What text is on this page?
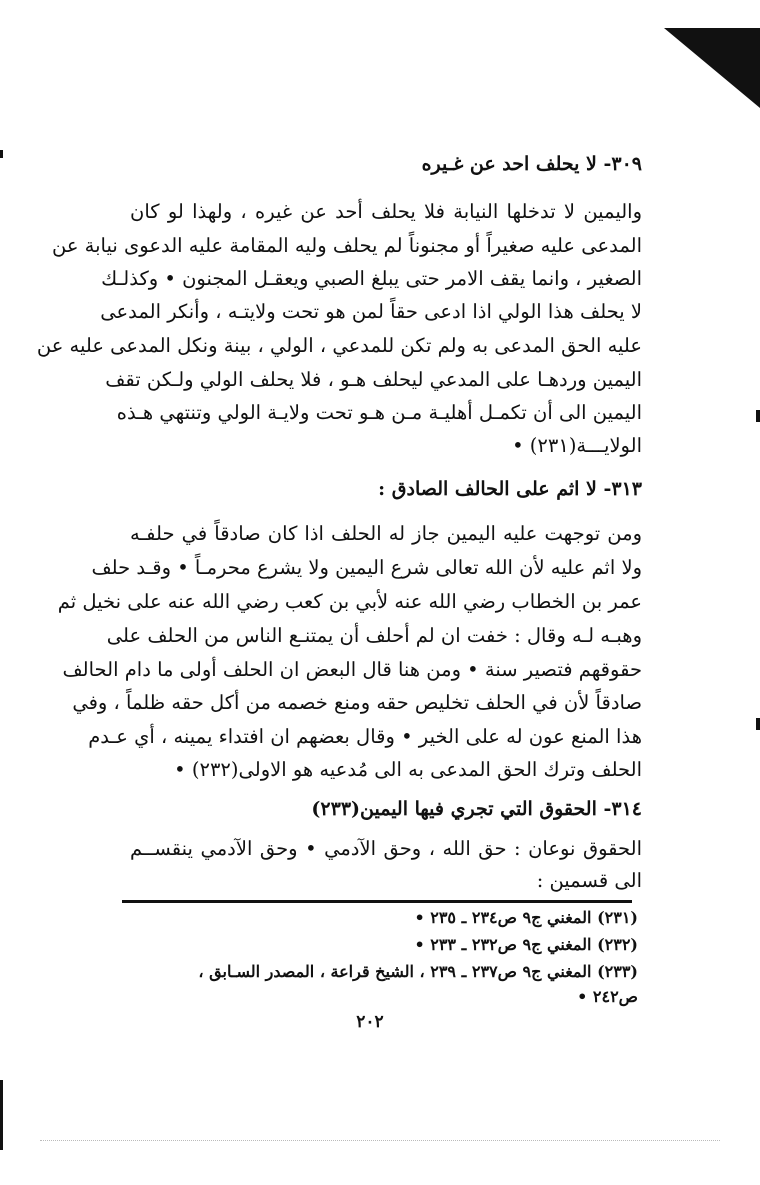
٣٠٩- لا يحلف احد عن غـيره
واليمين لا تدخلها النيابة فلا يحلف أحد عن غيره ، ولهذا لو كان
المدعى عليه صغيراً أو مجنوناً لم يحلف وليه المقامة عليه الدعوى نيابة عن
الصغير ، وانما يقف الامر حتى يبلغ الصبي ويعقـل المجنون • وكذلـك
لا يحلف هذا الولي اذا ادعى حقاً لمن هو تحت ولايتـه ، وأنكر المدعى
عليه الحق المدعى به ولم تكن للمدعي ، الولي ، بينة ونكل المدعى عليه عن
اليمين وردهـا على المدعي ليحلف هـو ، فلا يحلف الولي ولـكن تقف
اليمين الى أن تكمـل أهليـة مـن هـو تحت ولايـة الولي وتنتهي هـذه
الولايـــة(٢٣١) •
٣١٣- لا اثم على الحالف الصادق :
ومن توجهت عليه اليمين جاز له الحلف اذا كان صادقاً في حلفـه
ولا اثم عليه لأن الله تعالى شرع اليمين ولا يشرع محرمـاً • وقـد حلف
عمر بن الخطاب رضي الله عنه لأبي بن كعب رضي الله عنه على نخيل ثم
وهبـه لـه وقال : خفت ان لم أحلف أن يمتنـع الناس من الحلف على
حقوقهم فتصير سنة • ومن هنا قال البعض ان الحلف أولى ما دام الحالف
صادقاً لأن في الحلف تخليص حقه ومنع خصمه من أكل حقه ظلماً ، وفي
هذا المنع عون له على الخير • وقال بعضهم ان افتداء يمينه ، أي عـدم
الحلف وترك الحق المدعى به الى مُدعيه هو الاولى(٢٣٢) •
٣١٤- الحقوق التي تجري فيها اليمين(٢٣٣)
الحقوق نوعان : حق الله ، وحق الآدمي • وحق الآدمي ينقســم
الى قسمين :
(٢٣١) المغني ج٩ ص٢٣٤ ـ ٢٣٥ •
(٢٣٢) المغني ج٩ ص٢٣٢ ـ ٢٣٣ •
(٢٣٣) المغني ج٩ ص٢٣٧ ـ ٢٣٩ ، الشيخ قراعة ، المصدر السـابق ،
ص٢٤٢ •
٢٠٢
